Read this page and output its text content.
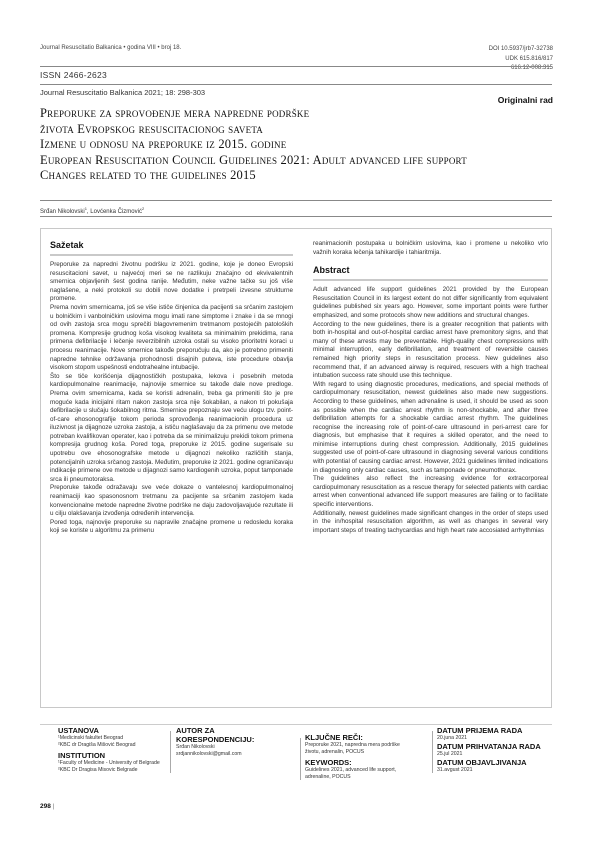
Journal Resuscitatio Balkanica • godina VIII • broj 18.	DOI 10.5937/jrb7-32738
UDK 615.816/817
616.12-008.315
ISSN 2466-2623
Journal Resuscitatio Balkanica 2021; 18: 298-303
Originalni rad
Preporuke za sprovođenje mera napredne podrške
života Evropskog resuscitacionog saveta
Izmene u odnosu na preporuke iz 2015. godine
European Resuscitation Council Guidelines 2021: Adult advanced life support
Changes related to the guidelines 2015
Srđan Nikolovski$^1$, Lovćenka Čizmović$^2$
Sažetak

Preporuke za napredni životnu podršku iz 2021. godine, koje je doneo Evropski resuscitacioni savet, u najvećoj meri se ne razlikuju značajno od ekvivalentnih smernica objavljenih šest godina ranije. Međutim, neke važne tačke su još više naglašene, a neki protokoli su dobili nove dodatke i pretrpeli izvesne strukturne promene.

Prema novim smernicama, još se više ističe činjenica da pacijenti sa srčanim zastojem u bolničkim i vanbolničkim uslovima mogu imati rane simptome i znake i da se mnogi od ovih zastoja srca mogu sprečiti blagovremenim tretmanom postojećih patoloških promena. Kompresije grudnog koša visokog kvaliteta sa minimalnim prekidima, rana primena defibrilacije i lečenje reverzibilnih uzroka ostali su visoko prioritetni koraci u procesu reanimacije. Nove smernice takođe preporučuju da, ako je potrebno primeniti napredne tehnike održavanja prohodnosti disajnih puteva, iste procedure obavlja visokom stopom uspešnosti endotrahealne intubacije.

Što se tiče korišćenja dijagnostičkih postupaka, lekova i posebnih metoda kardiopulmonalne reanimacije, najnovije smernice su takođe dale nove predloge. Prema ovim smernicama, kada se koristi adrenalin, treba ga primeniti što je pre moguće kada inicijalni ritam nakon zastoja srca nije šokabilan, a nakon tri pokušaja defibrilacije u slučaju šokabilnog ritma. Smernice prepoznaju sve veću ulogu tzv. point-of-care ehosonografije tokom perioda sprovođenja reanimacionih procedura uz iluzivnost ja dijagnoze uzroka zastoja, a ističu naglašavaju da za primenu ove metode potreban kvalifikovan operater, kao i potreba da se minimalizuju prekidi tokom primena kompresija grudnog koša. Pored toga, preporuke iz 2015. godine sugerisale su upotrebu ove ehosonografske metode u dijagnozi nekoliko različitih stanja, potencijalnih uzroka srčanog zastoja. Međutim, preporuke iz 2021. godine ograničavaju indikacije primene ove metode u dijagnozi samo kardiogenih uzroka, poput tamponade srca ili pneumotoraksa.

Preporuke takođe odražavaju sve veće dokaze o vantelesnoj kardiopulmonalnoj reanimaciji kao spasonosnom tretmanu za pacijente sa srčanim zastojem kada konvencionalne metode napredne životne podrške ne daju zadovoljavajuće rezultate ili u cilju olakšavanja izvođenja određenih intervencija.

Pored toga, najnovije preporuke su napravile značajne promene u redosledu koraka koji se koriste u algoritmu za primenu

reanimacionih postupaka u bolničkim uslovima, kao i promene u nekoliko vrlo važnih koraka lečenja tahikardije i tahiaritmija.
Abstract

Adult advanced life support guidelines 2021 provided by the European Resuscitation Council in its largest extent do not differ significantly from equivalent guidelines published six years ago. However, some important points were further emphasized, and some protocols show new additions and structural changes.

According to the new guidelines, there is a greater recognition that patients with both in-hospital and out-of-hospital cardiac arrest have premonitory signs, and that many of these arrests may be preventable. High-quality chest compressions with minimal interruption, early defibrillation, and treatment of reversible causes remained high priority steps in resuscitation process. New guidelines also recommend that, if an advanced airway is required, rescuers with a high tracheal intubation success rate should use this technique.

With regard to using diagnostic procedures, medications, and special methods of cardiopulmonary resuscitation, newest guidelines also made new suggestions. According to these guidelines, when adrenaline is used, it should be used as soon as possible when the cardiac arrest rhythm is non-shockable, and after three defibrillation attempts for a shockable cardiac arrest rhythm. The guidelines recognise the increasing role of point-of-care ultrasound in peri-arrest care for diagnosis, but emphasise that it requires a skilled operator, and the need to minimise interruptions during chest compression. Additionally, 2015 guidelines suggested use of point-of-care ultrasound in diagnosing several various conditions with potential of causing cardiac arrest. However, 2021 guidelines limited indications in diagnosing only cardiac causes, such as tamponade or pneumothorax.

The guidelines also reflect the increasing evidence for extracorporeal cardiopulmonary resuscitation as a rescue therapy for selected patients with cardiac arrest when conventional advanced life support measures are failing or to facilitate specific interventions.

Additionally, newest guidelines made significant changes in the order of steps used in the in/hospital resuscitation algorithm, as well as changes in several very important steps of treating tachycardias and high heart rate accosiated arrhythmias

USTANOVA
¹Medicinski fakultet Beograd
²KBC dr Dragiša Mišović Beograd
INSTITUTION
¹Faculty of Medicine - University of Belgrade
²KBC Dr Dragisa Misovic Belgrade
AUTOR ZA
KORESPONDENCIJU:
Srđan Nikolovski
srdjannikolovski@gmail.com
KLJUČNE REČI:
Preporuke 2021, napredna mera podrške
životu, adrenalin, POCUS
KEYWORDS:
Guidelines 2021, advanced life support,
adrenaline, POCUS
DATUM PRIJEMA RADA
20.juna 2021
DATUM PRIHVATANJA RADA
25.jul 2021
DATUM OBJAVLJIVANJA
31.avgust 2021
298 |
